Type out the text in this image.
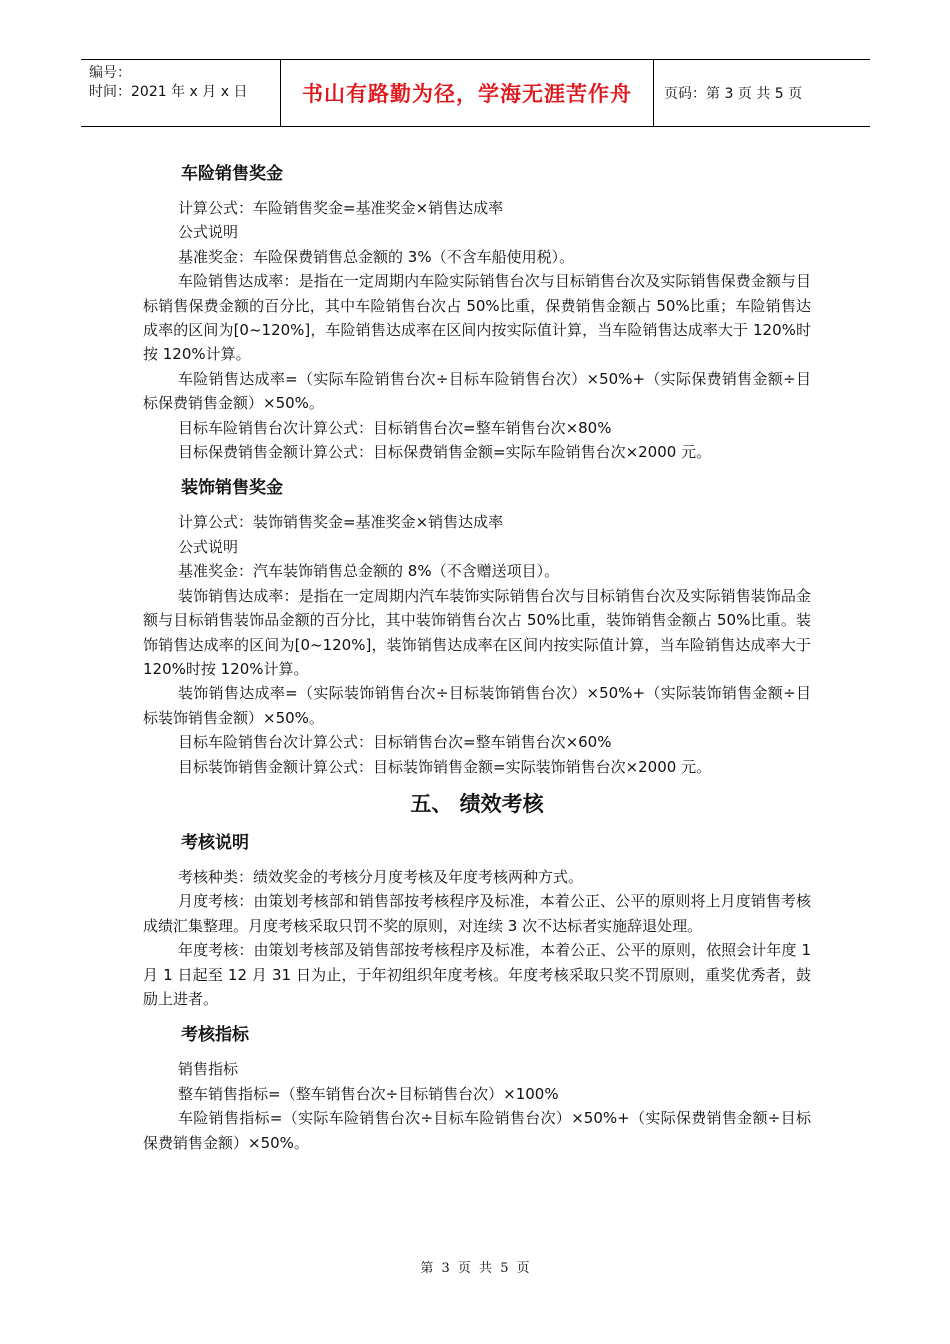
编号：
时间：2021 年 x 月 x 日	书山有路勤为径，学海无涯苦作舟	页码：第 3 页 共 5 页
车险销售奖金

计算公式：车险销售奖金=基准奖金×销售达成率

公式说明

基准奖金：车险保费销售总金额的 3%（不含车船使用税）。

车险销售达成率：是指在一定周期内车险实际销售台次与目标销售台次及实际销售保费金额与目标销售保费金额的百分比，其中车险销售台次占 50%比重，保费销售金额占 50%比重；车险销售达成率的区间为[0~120%]，车险销售达成率在区间内按实际值计算，当车险销售达成率大于 120%时按 120%计算。

车险销售达成率=（实际车险销售台次÷目标车险销售台次）×50%+（实际保费销售金额÷目标保费销售金额）×50%。

目标车险销售台次计算公式：目标销售台次=整车销售台次×80%

目标保费销售金额计算公式：目标保费销售金额=实际车险销售台次×2000 元。

装饰销售奖金

计算公式：装饰销售奖金=基准奖金×销售达成率

公式说明

基准奖金：汽车装饰销售总金额的 8%（不含赠送项目）。

装饰销售达成率：是指在一定周期内汽车装饰实际销售台次与目标销售台次及实际销售装饰品金额与目标销售装饰品金额的百分比，其中装饰销售台次占 50%比重，装饰销售金额占 50%比重。装饰销售达成率的区间为[0~120%]，装饰销售达成率在区间内按实际值计算，当车险销售达成率大于 120%时按 120%计算。

装饰销售达成率=（实际装饰销售台次÷目标装饰销售台次）×50%+（实际装饰销售金额÷目标装饰销售金额）×50%。

目标车险销售台次计算公式：目标销售台次=整车销售台次×60%

目标装饰销售金额计算公式：目标装饰销售金额=实际装饰销售台次×2000 元。

五、 绩效考核
考核说明

考核种类：绩效奖金的考核分月度考核及年度考核两种方式。

月度考核：由策划考核部和销售部按考核程序及标准，本着公正、公平的原则将上月度销售考核成绩汇集整理。月度考核采取只罚不奖的原则，对连续 3 次不达标者实施辞退处理。

年度考核：由策划考核部及销售部按考核程序及标准，本着公正、公平的原则，依照会计年度 1 月 1 日起至 12 月 31 日为止，于年初组织年度考核。年度考核采取只奖不罚原则，重奖优秀者，鼓励上进者。

考核指标

销售指标

整车销售指标=（整车销售台次÷目标销售台次）×100%

车险销售指标=（实际车险销售台次÷目标车险销售台次）×50%+（实际保费销售金额÷目标保费销售金额）×50%。

第 3 页 共 5 页
